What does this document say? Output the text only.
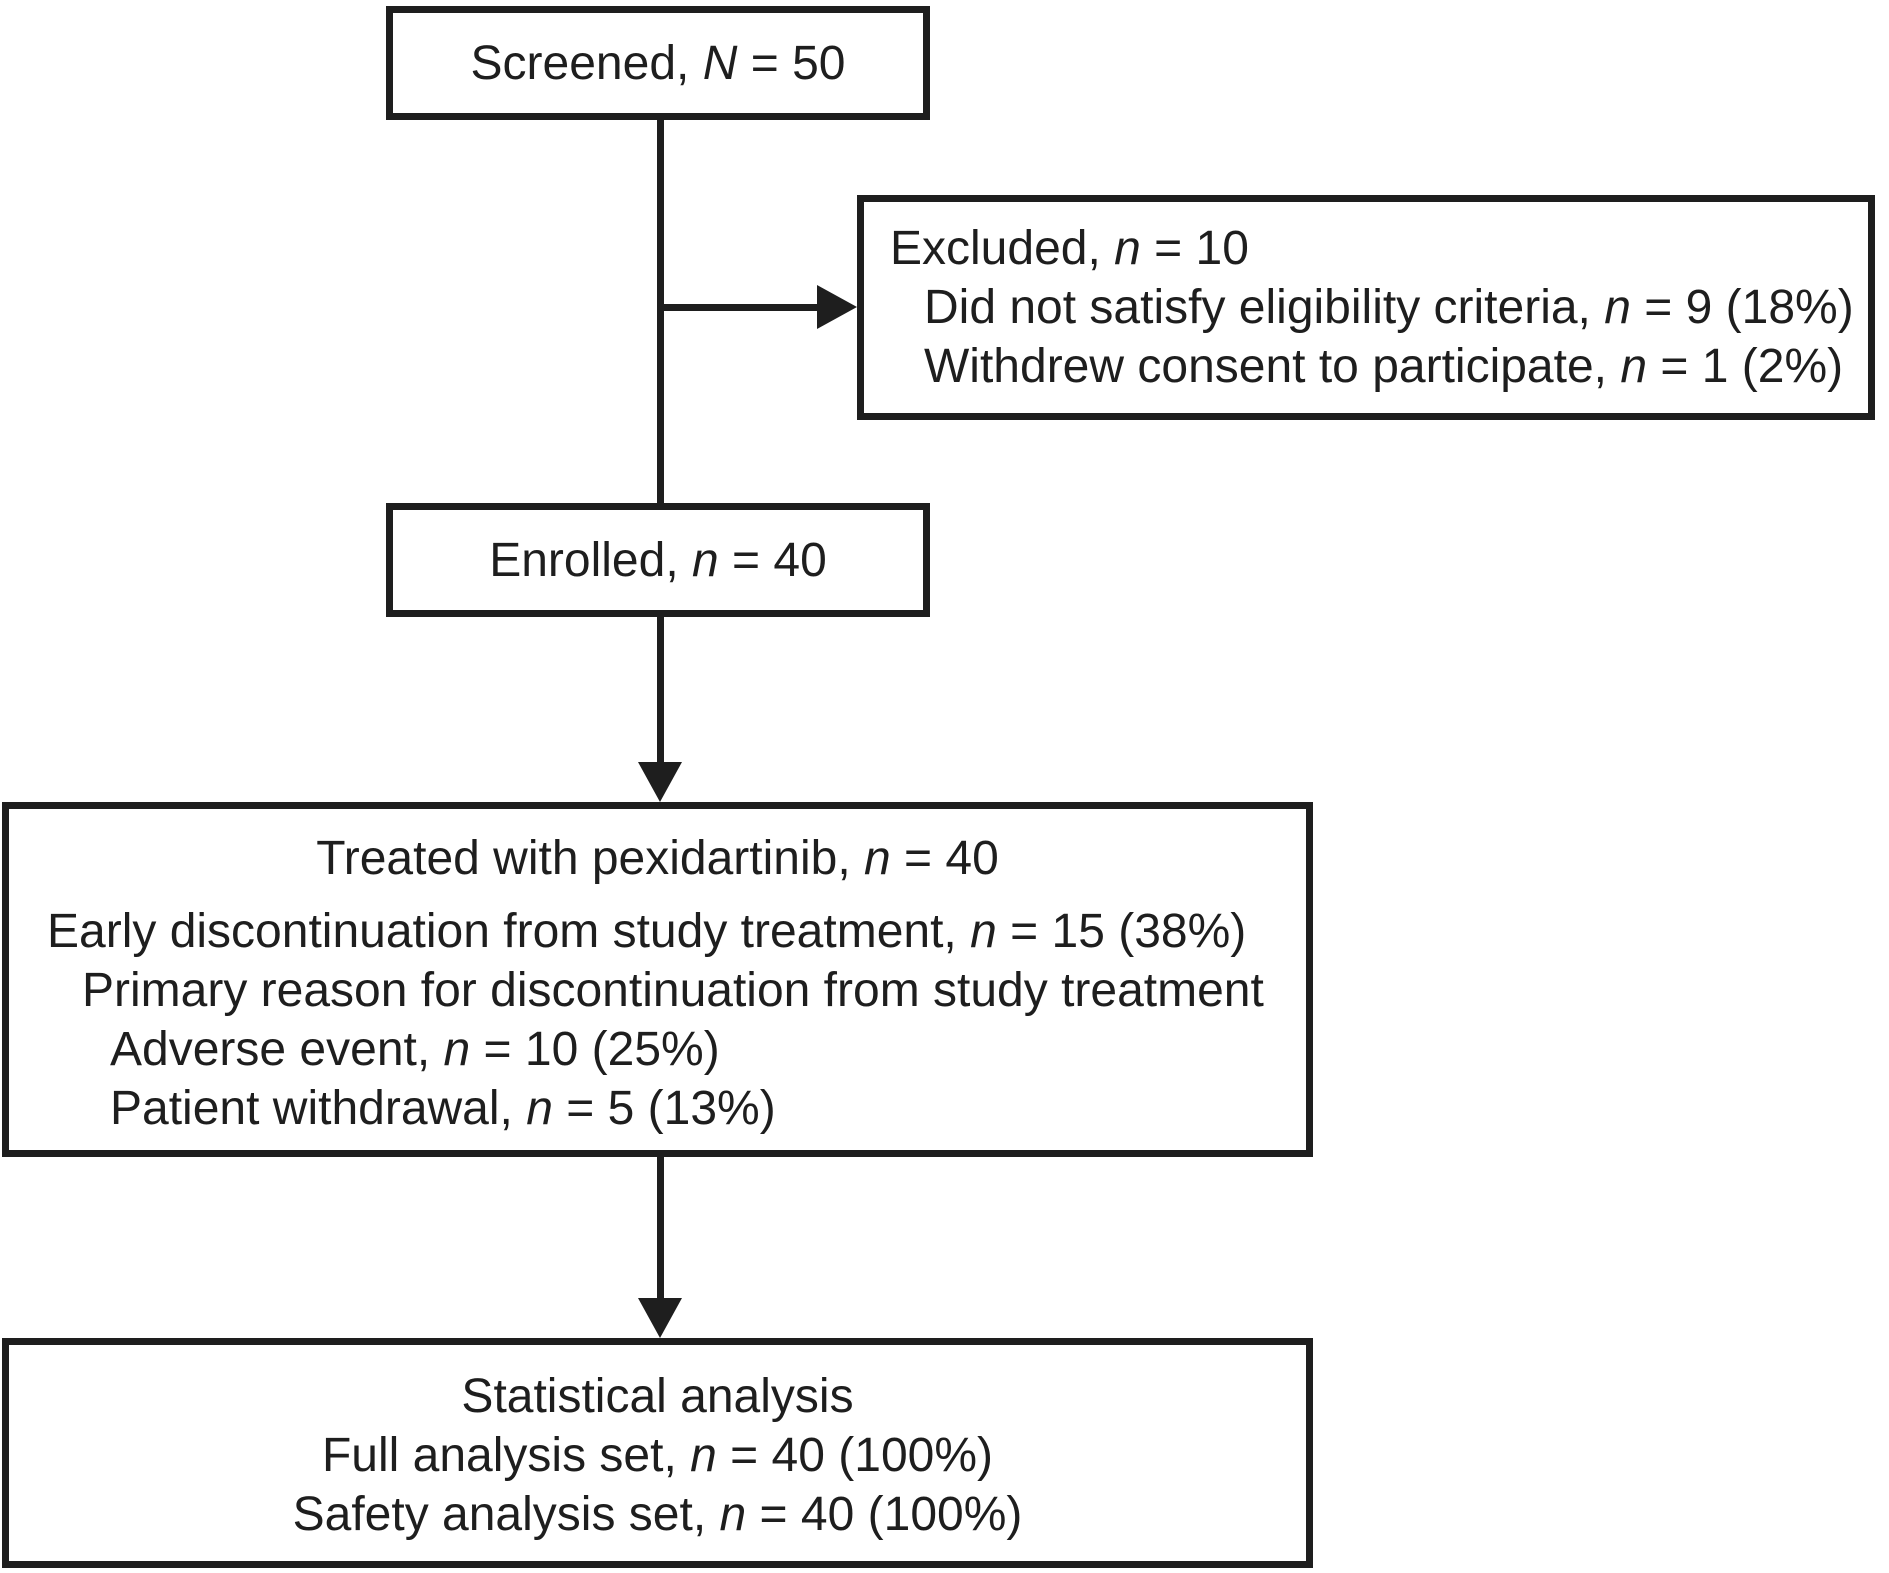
Screened, N = 50
Excluded, n = 10
Did not satisfy eligibility criteria, n = 9 (18%)
Withdrew consent to participate, n = 1 (2%)
Enrolled, n = 40
Treated with pexidartinib, n = 40
Early discontinuation from study treatment, n = 15 (38%)
Primary reason for discontinuation from study treatment
Adverse event, n = 10 (25%)
Patient withdrawal, n = 5 (13%)
Statistical analysis
Full analysis set, n = 40 (100%)
Safety analysis set, n = 40 (100%)
